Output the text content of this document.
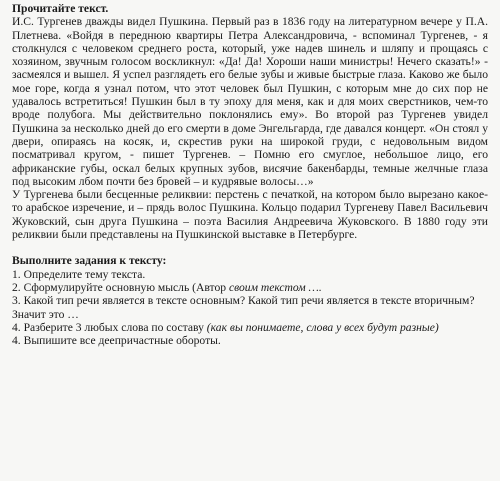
Прочитайте текст.

И.С. Тургенев дважды видел Пушкина. Первый раз в 1836 году на литературном вечере у П.А. Плетнева. «Войдя в переднюю квартиры Петра Александровича, - вспоминал Тургенев, - я столкнулся с человеком среднего роста, который, уже надев шинель и шляпу и прощаясь с хозяином, звучным голосом воскликнул: «Да! Да! Хороши наши министры! Нечего сказать!» - засмеялся и вышел. Я успел разглядеть его белые зубы и живые быстрые глаза. Каково же было мое горе, когда я узнал потом, что этот человек был Пушкин, с которым мне до сих пор не удавалось встретиться! Пушкин был в ту эпоху для меня, как и для моих сверстников, чем-то вроде полубога. Мы действительно поклонялись ему». Во второй раз Тургенев увидел Пушкина за несколько дней до его смерти в доме Энгельгарда, где давался концерт. «Он стоял у двери, опираясь на косяк, и, скрестив руки на широкой груди, с недовольным видом посматривал кругом, - пишет Тургенев. – Помню его смуглое, небольшое лицо, его африканские губы, оскал белых крупных зубов, висячие бакенбарды, темные желчные глаза под высоким лбом почти без бровей – и кудрявые волосы…»

У Тургенева были бесценные реликвии: перстень с печаткой, на котором было вырезано какое-то арабское изречение, и – прядь волос Пушкина. Кольцо подарил Тургеневу Павел Васильевич Жуковский, сын друга Пушкина – поэта Василия Андреевича Жуковского. В 1880 году эти реликвии были представлены на Пушкинской выставке в Петербурге.

Выполните задания к тексту:

1. Определите тему текста.

2. Сформулируйте основную мысль (Автор своим текстом ….

3. Какой тип речи является в тексте основным? Какой тип речи является в тексте вторичным? Значит это …

4. Разберите 3 любых слова по составу (как вы понимаете, слова у всех будут разные)

4. Выпишите все деепричастные обороты.
